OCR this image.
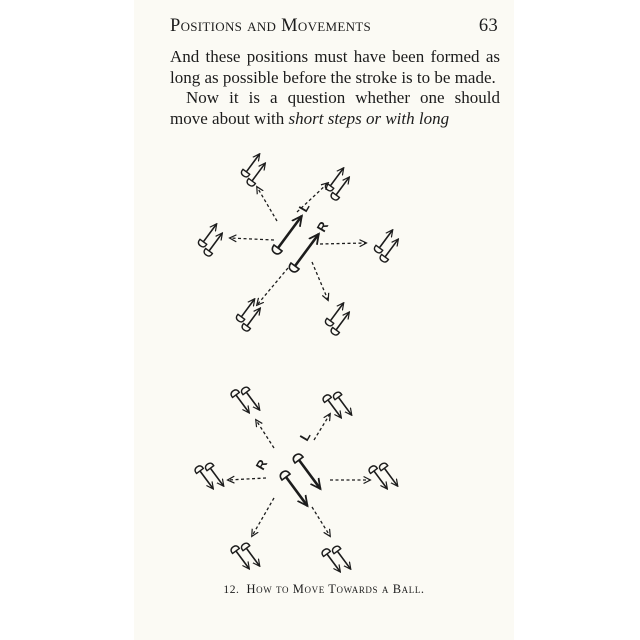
Positions and Movements	63

And these positions must have been formed as long as possible before the stroke is to be made.

Now it is a question whether one should move about with short steps or with long

L
R
L
R
12. How to Move Towards a Ball.
